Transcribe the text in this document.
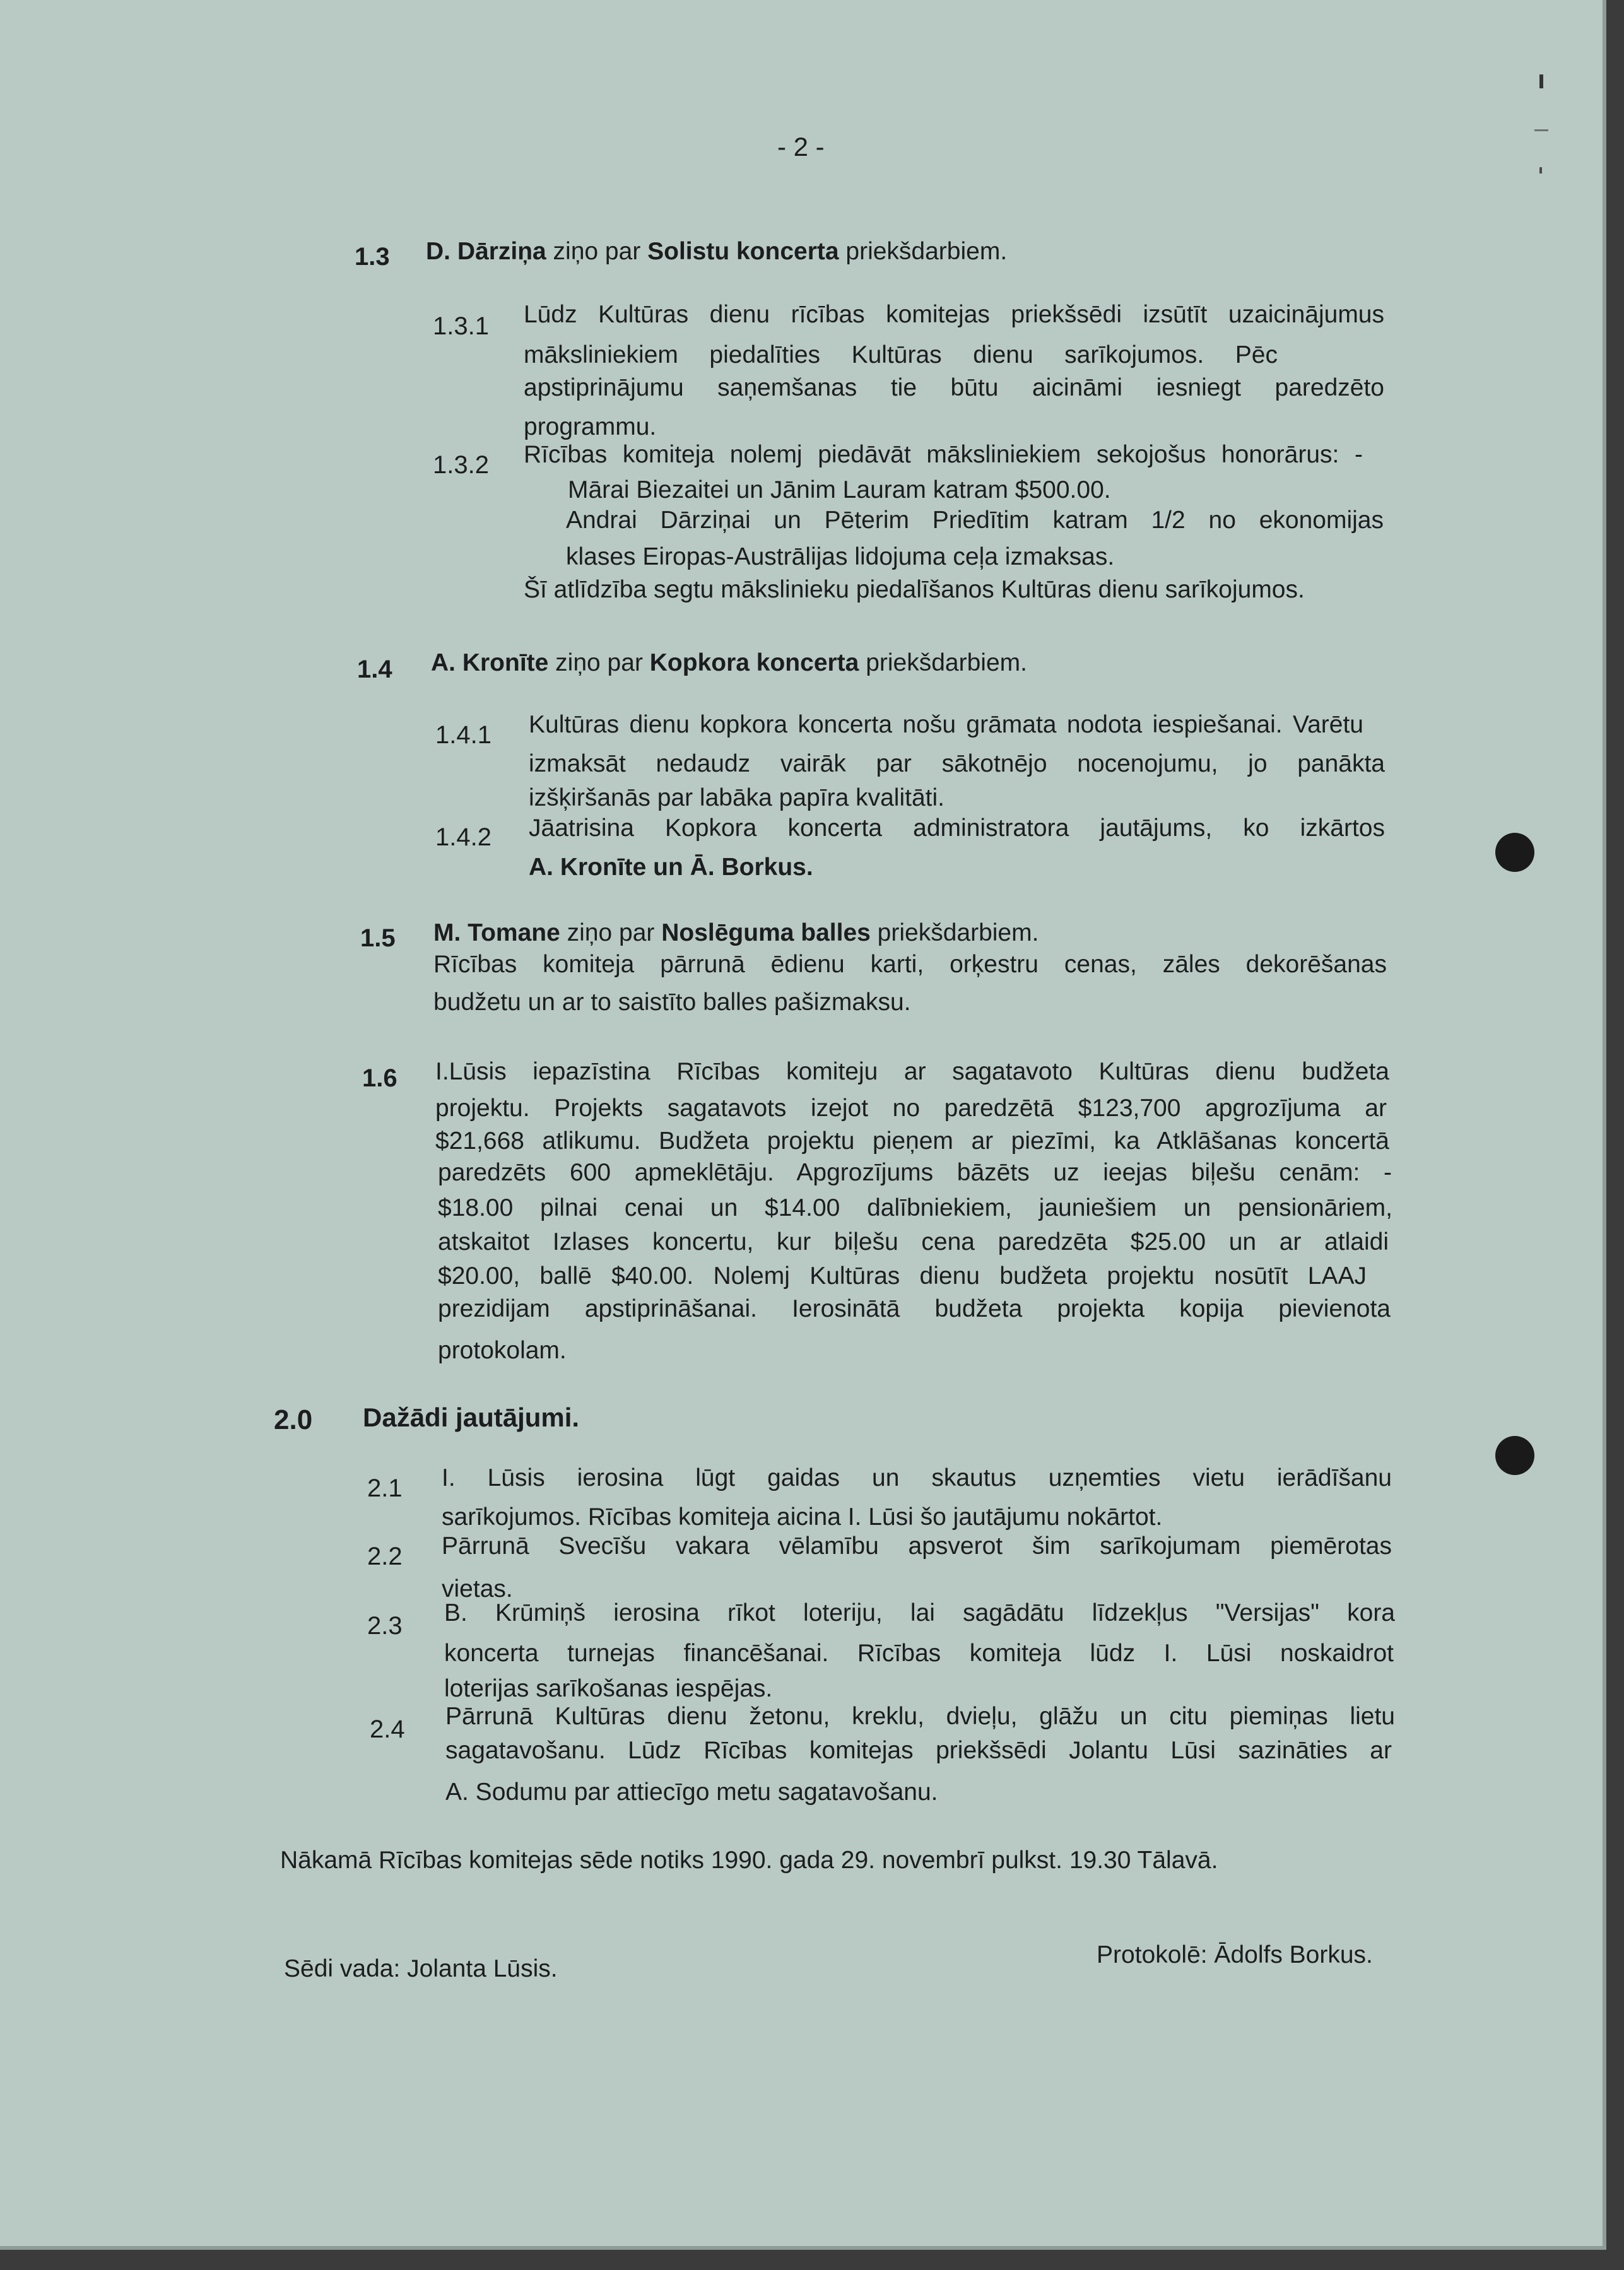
- 2 -
1.3 D. Dārziņa ziņo par Solistu koncerta priekšdarbiem.
1.3.1 Lūdz Kultūras dienu rīcības komitejas priekšsēdi izsūtīt uzaicinājumus
māksliniekiem piedalīties Kultūras dienu sarīkojumos. Pēc
apstiprinājumu saņemšanas tie būtu aicināmi iesniegt paredzēto
programmu.
1.3.2 Rīcības komiteja nolemj piedāvāt māksliniekiem sekojošus honorārus: -
Mārai Biezaitei un Jānim Lauram katram $500.00.
Andrai Dārziņai un Pēterim Priedītim katram 1/2 no ekonomijas
klases Eiropas-Austrālijas lidojuma ceļa izmaksas.
Šī atlīdzība segtu mākslinieku piedalīšanos Kultūras dienu sarīkojumos.
1.4 A. Kronīte ziņo par Kopkora koncerta priekšdarbiem.
1.4.1 Kultūras dienu kopkora koncerta nošu grāmata nodota iespiešanai. Varētu
izmaksāt nedaudz vairāk par sākotnējo nocenojumu, jo panākta
izšķiršanās par labāka papīra kvalitāti.
1.4.2 Jāatrisina Kopkora koncerta administratora jautājums, ko izkārtos
A. Kronīte un Ā. Borkus.
1.5 M. Tomane ziņo par Noslēguma balles priekšdarbiem.
Rīcības komiteja pārrunā ēdienu karti, orķestru cenas, zāles dekorēšanas
budžetu un ar to saistīto balles pašizmaksu.
1.6 I.Lūsis iepazīstina Rīcības komiteju ar sagatavoto Kultūras dienu budžeta
projektu. Projekts sagatavots izejot no paredzētā $123,700 apgrozījuma ar
$21,668 atlikumu. Budžeta projektu pieņem ar piezīmi, ka Atklāšanas koncertā
paredzēts 600 apmeklētāju. Apgrozījums bāzēts uz ieejas biļešu cenām: -
$18.00 pilnai cenai un $14.00 dalībniekiem, jauniešiem un pensionāriem,
atskaitot Izlases koncertu, kur biļešu cena paredzēta $25.00 un ar atlaidi
$20.00, ballē $40.00. Nolemj Kultūras dienu budžeta projektu nosūtīt LAAJ
prezidijam apstiprināšanai. Ierosinātā budžeta projekta kopija pievienota
protokolam.
2.0 Dažādi jautājumi.
2.1 I. Lūsis ierosina lūgt gaidas un skautus uzņemties vietu ierādīšanu
sarīkojumos. Rīcības komiteja aicina I. Lūsi šo jautājumu nokārtot.
2.2 Pārrunā Svecīšu vakara vēlamību apsverot šim sarīkojumam piemērotas
vietas.
2.3 B. Krūmiņš ierosina rīkot loteriju, lai sagādātu līdzekļus "Versijas" kora
koncerta turnejas financēšanai. Rīcības komiteja lūdz I. Lūsi noskaidrot
loterijas sarīkošanas iespējas.
2.4 Pārrunā Kultūras dienu žetonu, kreklu, dvieļu, glāžu un citu piemiņas lietu
sagatavošanu. Lūdz Rīcības komitejas priekšsēdi Jolantu Lūsi sazināties ar
A. Sodumu par attiecīgo metu sagatavošanu.
Nākamā Rīcības komitejas sēde notiks 1990. gada 29. novembrī pulkst. 19.30 Tālavā.
Sēdi vada: Jolanta Lūsis.
Protokolē: Ādolfs Borkus.
